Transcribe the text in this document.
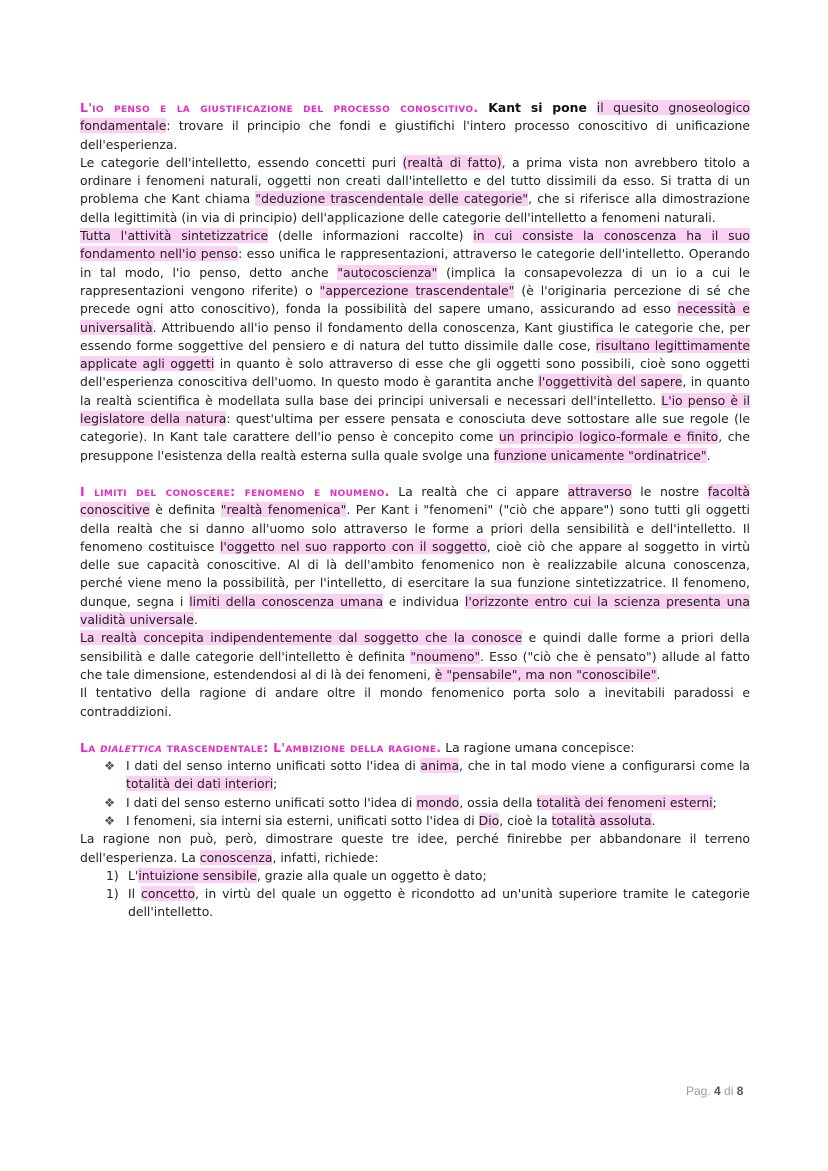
L'io penso e la giustificazione del processo conoscitivo. Kant si pone il quesito gnoseologico fondamentale: trovare il principio che fondi e giustifichi l'intero processo conoscitivo di unificazione dell'esperienza.

Le categorie dell'intelletto, essendo concetti puri (realtà di fatto), a prima vista non avrebbero titolo a ordinare i fenomeni naturali, oggetti non creati dall'intelletto e del tutto dissimili da esso. Si tratta di un problema che Kant chiama "deduzione trascendentale delle categorie", che si riferisce alla dimostrazione della legittimità (in via di principio) dell'applicazione delle categorie dell'intelletto a fenomeni naturali.

Tutta l'attività sintetizzatrice (delle informazioni raccolte) in cui consiste la conoscenza ha il suo fondamento nell'io penso: esso unifica le rappresentazioni, attraverso le categorie dell'intelletto. Operando in tal modo, l'io penso, detto anche "autocoscienza" (implica la consapevolezza di un io a cui le rappresentazioni vengono riferite) o "appercezione trascendentale" (è l'originaria percezione di sé che precede ogni atto conoscitivo), fonda la possibilità del sapere umano, assicurando ad esso necessità e universalità. Attribuendo all'io penso il fondamento della conoscenza, Kant giustifica le categorie che, per essendo forme soggettive del pensiero e di natura del tutto dissimile dalle cose, risultano legittimamente applicate agli oggetti in quanto è solo attraverso di esse che gli oggetti sono possibili, cioè sono oggetti dell'esperienza conoscitiva dell'uomo. In questo modo è garantita anche l'oggettività del sapere, in quanto la realtà scientifica è modellata sulla base dei principi universali e necessari dell'intelletto. L'io penso è il legislatore della natura: quest'ultima per essere pensata e conosciuta deve sottostare alle sue regole (le categorie). In Kant tale carattere dell'io penso è concepito come un principio logico-formale e finito, che presuppone l'esistenza della realtà esterna sulla quale svolge una funzione unicamente "ordinatrice".

I limiti del conoscere: fenomeno e noumeno. La realtà che ci appare attraverso le nostre facoltà conoscitive è definita "realtà fenomenica". Per Kant i "fenomeni" ("ciò che appare") sono tutti gli oggetti della realtà che si danno all'uomo solo attraverso le forme a priori della sensibilità e dell'intelletto. Il fenomeno costituisce l'oggetto nel suo rapporto con il soggetto, cioè ciò che appare al soggetto in virtù delle sue capacità conoscitive. Al di là dell'ambito fenomenico non è realizzabile alcuna conoscenza, perché viene meno la possibilità, per l'intelletto, di esercitare la sua funzione sintetizzatrice. Il fenomeno, dunque, segna i limiti della conoscenza umana e individua l'orizzonte entro cui la scienza presenta una validità universale.

La realtà concepita indipendentemente dal soggetto che la conosce e quindi dalle forme a priori della sensibilità e dalle categorie dell'intelletto è definita "noumeno". Esso ("ciò che è pensato") allude al fatto che tale dimensione, estendendosi al di là dei fenomeni, è "pensabile", ma non "conoscibile".

Il tentativo della ragione di andare oltre il mondo fenomenico porta solo a inevitabili paradossi e contraddizioni.

La dialettica trascendentale: L'ambizione della ragione. La ragione umana concepisce:

❖ I dati del senso interno unificati sotto l'idea di anima, che in tal modo viene a configurarsi come la totalità dei dati interiori;
❖ I dati del senso esterno unificati sotto l'idea di mondo, ossia della totalità dei fenomeni esterni;
❖ I fenomeni, sia interni sia esterni, unificati sotto l'idea di Dio, cioè la totalità assoluta.

La ragione non può, però, dimostrare queste tre idee, perché finirebbe per abbandonare il terreno dell'esperienza. La conoscenza, infatti, richiede:

1) L'intuizione sensibile, grazie alla quale un oggetto è dato;
1) Il concetto, in virtù del quale un oggetto è ricondotto ad un'unità superiore tramite le categorie dell'intelletto.
Pag. 4 di 8
